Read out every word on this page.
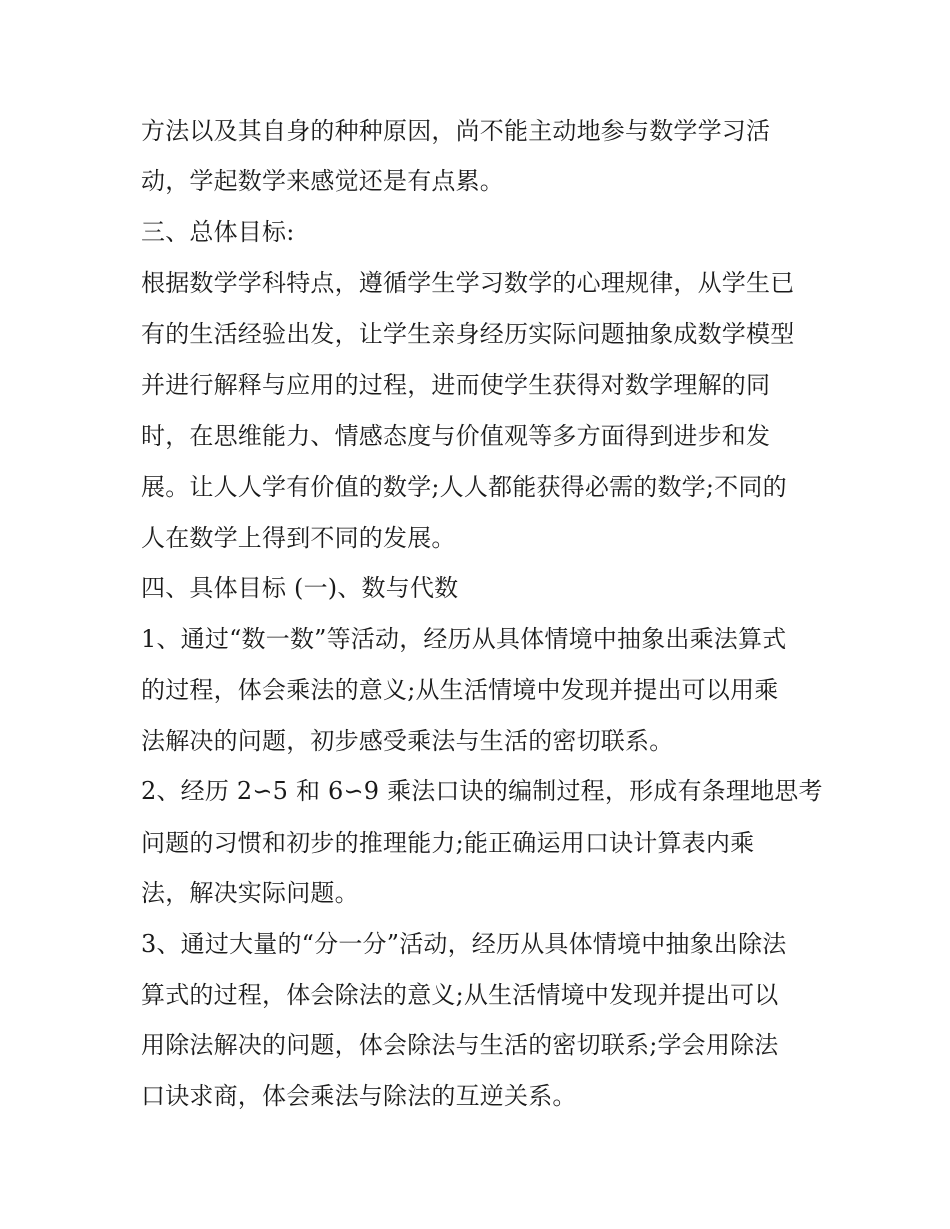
方法以及其自身的种种原因，尚不能主动地参与数学学习活
动，学起数学来感觉还是有点累。
三、总体目标:
根据数学学科特点，遵循学生学习数学的心理规律，从学生已
有的生活经验出发，让学生亲身经历实际问题抽象成数学模型
并进行解释与应用的过程，进而使学生获得对数学理解的同
时，在思维能力、情感态度与价值观等多方面得到进步和发
展。让人人学有价值的数学;人人都能获得必需的数学;不同的
人在数学上得到不同的发展。
四、具体目标 (一)、数与代数
1、通过“数一数”等活动，经历从具体情境中抽象出乘法算式
的过程，体会乘法的意义;从生活情境中发现并提出可以用乘
法解决的问题，初步感受乘法与生活的密切联系。
2、经历 2∽5 和 6∽9 乘法口诀的编制过程，形成有条理地思考
问题的习惯和初步的推理能力;能正确运用口诀计算表内乘
法，解决实际问题。
3、通过大量的“分一分”活动，经历从具体情境中抽象出除法
算式的过程，体会除法的意义;从生活情境中发现并提出可以
用除法解决的问题，体会除法与生活的密切联系;学会用除法
口诀求商，体会乘法与除法的互逆关系。
